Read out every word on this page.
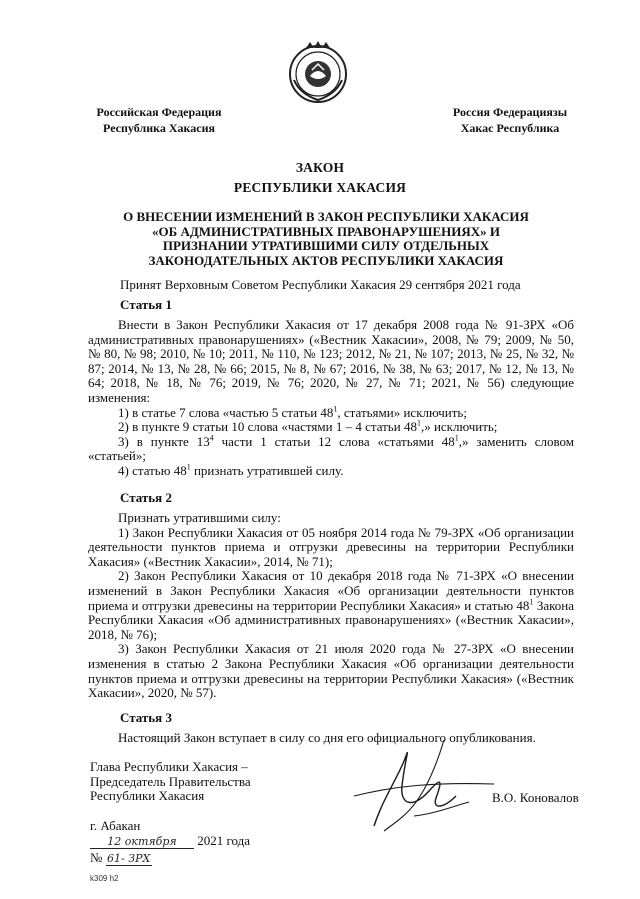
Российская Федерация
Республика Хакасия
Россия Федерациязы
Хакас Республика
ЗАКОН
РЕСПУБЛИКИ ХАКАСИЯ
О ВНЕСЕНИИ ИЗМЕНЕНИЙ В ЗАКОН РЕСПУБЛИКИ ХАКАСИЯ «ОБ АДМИНИСТРАТИВНЫХ ПРАВОНАРУШЕНИЯХ» И ПРИЗНАНИИ УТРАТИВШИМИ СИЛУ ОТДЕЛЬНЫХ ЗАКОНОДАТЕЛЬНЫХ АКТОВ РЕСПУБЛИКИ ХАКАСИЯ
Принят Верховным Советом Республики Хакасия 29 сентября 2021 года
Статья 1

Внести в Закон Республики Хакасия от 17 декабря 2008 года № 91-ЗРХ «Об административных правонарушениях» («Вестник Хакасии», 2008, № 79; 2009, № 50, № 80, № 98; 2010, № 10; 2011, № 110, № 123; 2012, № 21, № 107; 2013, № 25, № 32, № 87; 2014, № 13, № 28, № 66; 2015, № 8, № 67; 2016, № 38, № 63; 2017, № 12, № 13, № 64; 2018, № 18, № 76; 2019, № 76; 2020, № 27, № 71; 2021, № 56) следующие изменения:

1) в статье 7 слова «частью 5 статьи $48^1$, статьями» исключить;

2) в пункте 9 статьи 10 слова «частями 1 – 4 статьи $48^1$,» исключить;

3) в пункте $13^4$ части 1 статьи 12 слова «статьями $48^1$,» заменить словом «статьей»;

4) статью $48^1$ признать утратившей силу.

Статья 2

Признать утратившими силу:

1) Закон Республики Хакасия от 05 ноября 2014 года № 79-ЗРХ «Об организации деятельности пунктов приема и отгрузки древесины на территории Республики Хакасия» («Вестник Хакасии», 2014, № 71);

2) Закон Республики Хакасия от 10 декабря 2018 года № 71-ЗРХ «О внесении изменений в Закон Республики Хакасия «Об организации деятельности пунктов приема и отгрузки древесины на территории Республики Хакасия» и статью $48^1$ Закона Республики Хакасия «Об административных правонарушениях» («Вестник Хакасии», 2018, № 76);

3) Закон Республики Хакасия от 21 июля 2020 года № 27-ЗРХ «О внесении изменения в статью 2 Закона Республики Хакасия «Об организации деятельности пунктов приема и отгрузки древесины на территории Республики Хакасия» («Вестник Хакасии», 2020, № 57).

Статья 3

Настоящий Закон вступает в силу со дня его официального опубликования.

Глава Республики Хакасия –
Председатель Правительства
Республики Хакасия	В.О. Коновалов
г. Абакан
12 октября 2021 года
№ 61- ЗРХ
k309 h2
